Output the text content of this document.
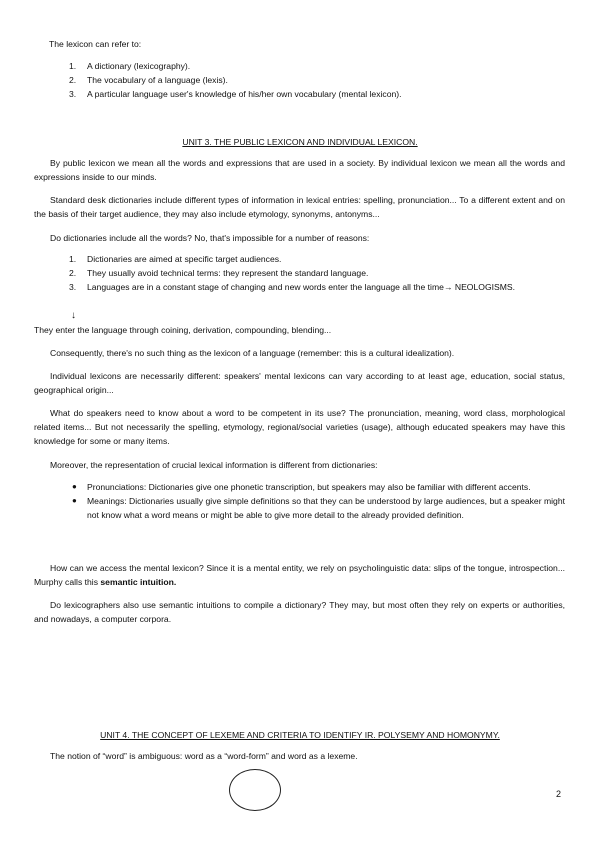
The lexicon can refer to:
1. A dictionary (lexicography).
2. The vocabulary of a language (lexis).
3. A particular language user's knowledge of his/her own vocabulary (mental lexicon).
UNIT 3. THE PUBLIC LEXICON AND INDIVIDUAL LEXICON.
By public lexicon we mean all the words and expressions that are used in a society. By individual lexicon we mean all the words and expressions inside to our minds.
Standard desk dictionaries include different types of information in lexical entries: spelling, pronunciation... To a different extent and on the basis of their target audience, they may also include etymology, synonyms, antonyms...
Do dictionaries include all the words? No, that's impossible for a number of reasons:
1. Dictionaries are aimed at specific target audiences.
2. They usually avoid technical terms: they represent the standard language.
3. Languages are in a constant stage of changing and new words enter the language all the time→ NEOLOGISMS.
↓
They enter the language through coining, derivation, compounding, blending...
Consequently, there's no such thing as the lexicon of a language (remember: this is a cultural idealization).
Individual lexicons are necessarily different: speakers' mental lexicons can vary according to at least age, education, social status, geographical origin...
What do speakers need to know about a word to be competent in its use? The pronunciation, meaning, word class, morphological related items... But not necessarily the spelling, etymology, regional/social varieties (usage), although educated speakers may have this knowledge for some or many items.
Moreover, the representation of crucial lexical information is different from dictionaries:
● Pronunciations: Dictionaries give one phonetic transcription, but speakers may also be familiar with different accents.
● Meanings: Dictionaries usually give simple definitions so that they can be understood by large audiences, but a speaker might not know what a word means or might be able to give more detail to the already provided definition.
How can we access the mental lexicon? Since it is a mental entity, we rely on psycholinguistic data: slips of the tongue, introspection... Murphy calls this semantic intuition.
Do lexicographers also use semantic intuitions to compile a dictionary? They may, but most often they rely on experts or authorities, and nowadays, a computer corpora.
UNIT 4. THE CONCEPT OF LEXEME AND CRITERIA TO IDENTIFY IR. POLYSEMY AND HOMONYMY.
The notion of “word” is ambiguous: word as a “word-form” and word as a lexeme.
2
